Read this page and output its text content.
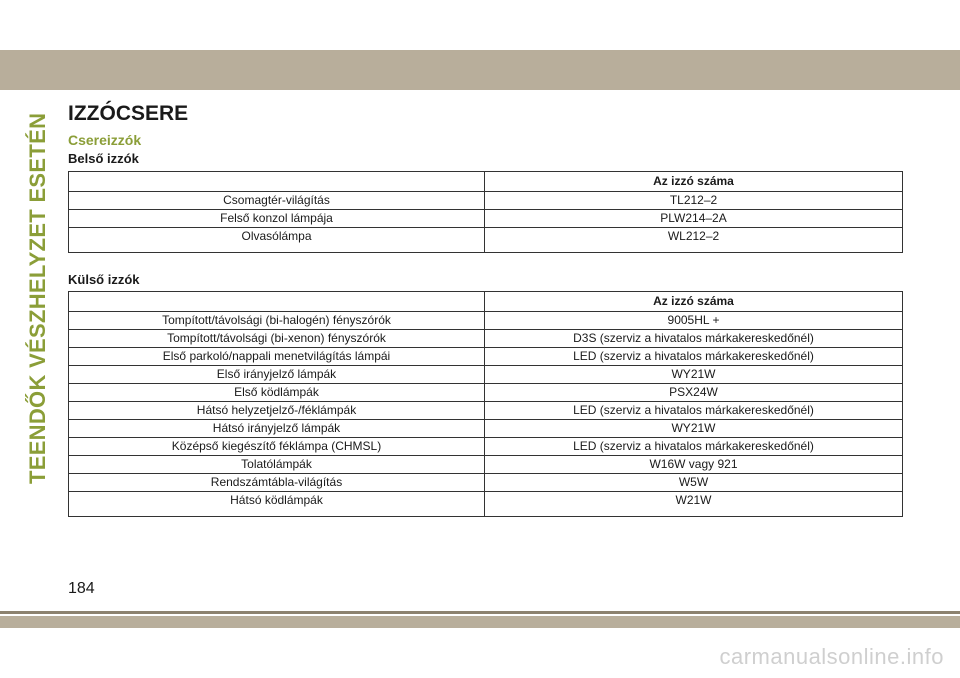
TEENDŐK VÉSZHELYZET ESETÉN IZZÓCSERE
Cserеizzók
Belső izzók
	Az izzó száma
Csomagtér-világítás	TL212–2
Felső konzol lámpája	PLW214–2A
Olvasólámpa	WL212–2
Külső izzók
	Az izzó száma
Tompított/távolsági (bi-halogén) fényszórók	9005HL +
Tompított/távolsági (bi-xenon) fényszórók	D3S (szerviz a hivatalos márkakereskedőnél)
Első parkoló/nappali menetvilágítás lámpái	LED (szerviz a hivatalos márkakereskedőnél)
Első irányjelző lámpák	WY21W
Első ködlámpák	PSX24W
Hátsó helyzetjelző-/féklámpák	LED (szerviz a hivatalos márkakereskedőnél)
Hátsó irányjelző lámpák	WY21W
Középső kiegészítő féklámpa (CHMSL)	LED (szerviz a hivatalos márkakereskedőnél)
Tolatólámpák	W16W vagy 921
Rendszámtábla-világítás	W5W
Hátsó ködlámpák	W21W
184
carmanualsonline.info
